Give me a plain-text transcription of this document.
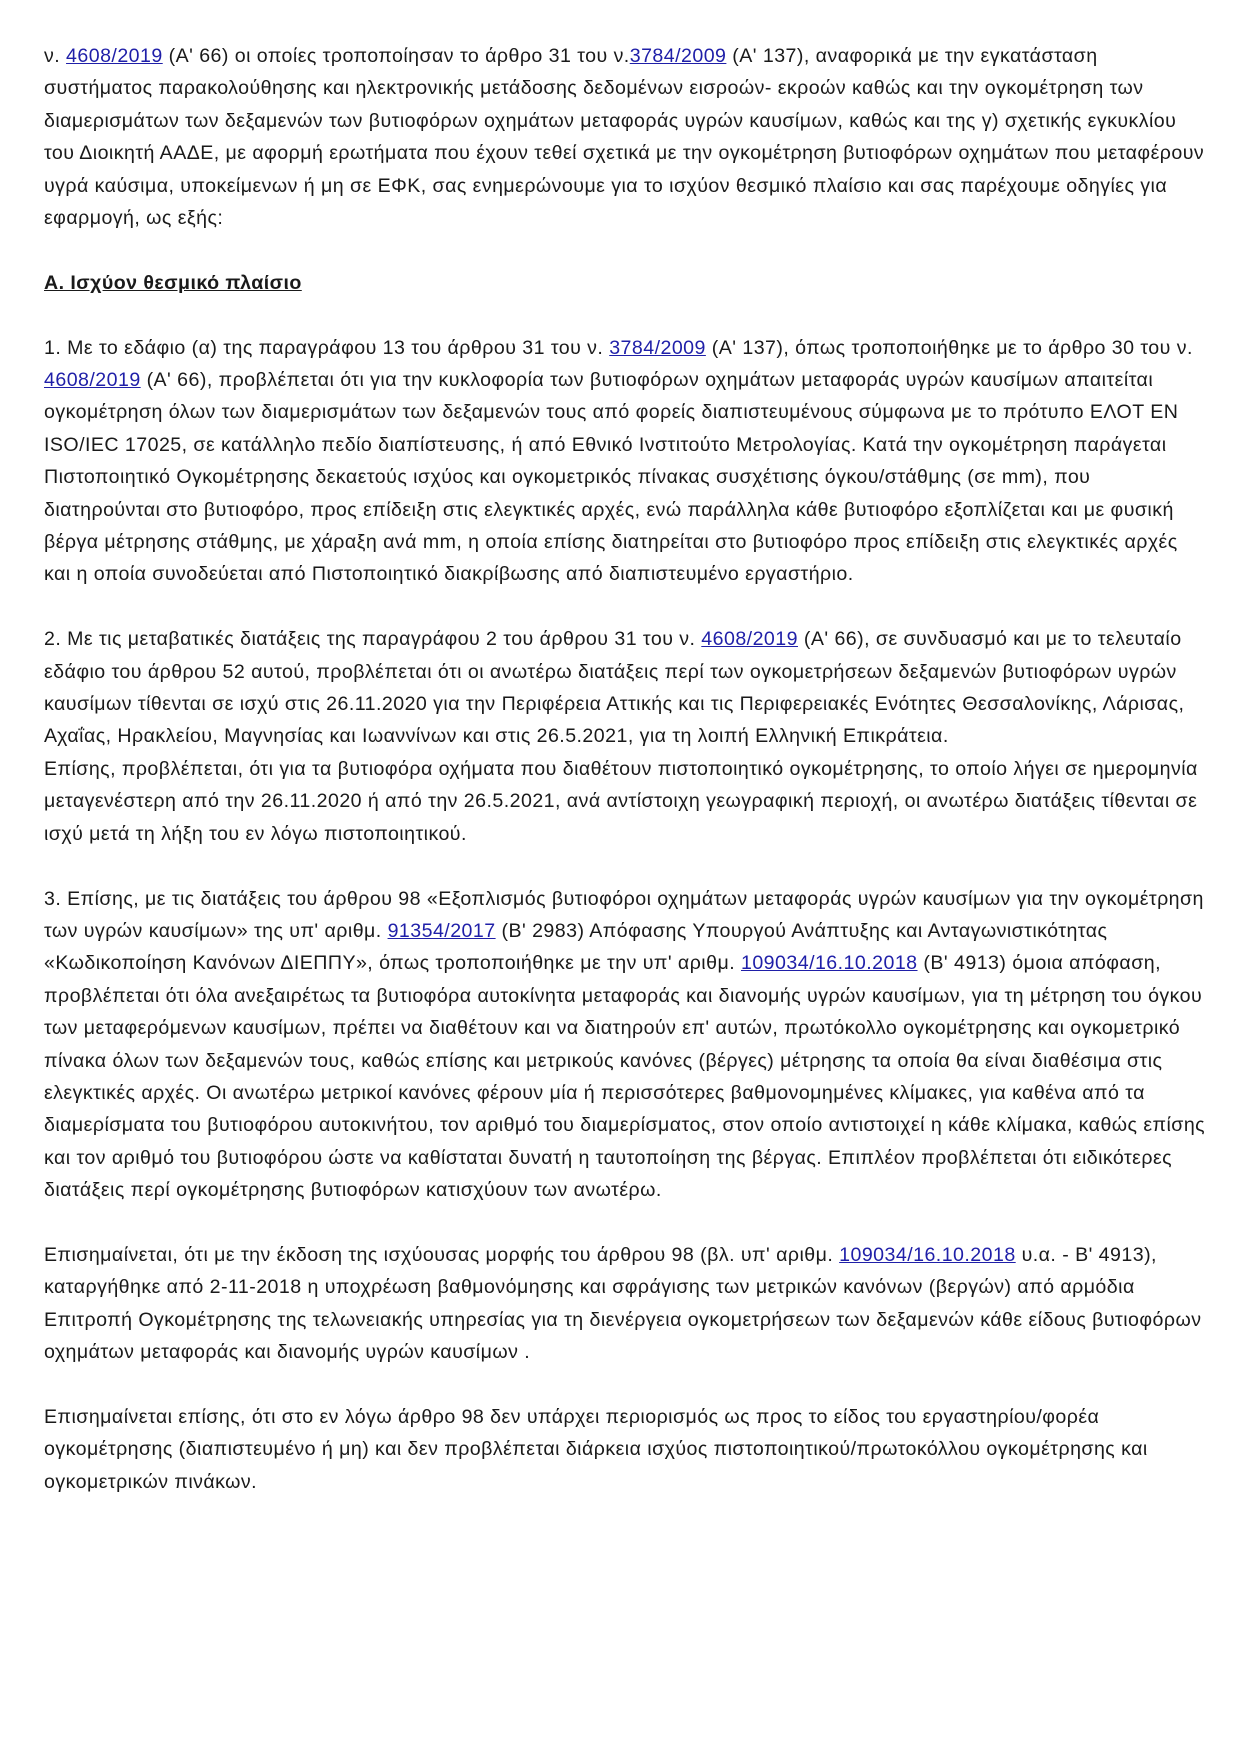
ν. 4608/2019 (Α' 66) οι οποίες τροποποίησαν το άρθρο 31 του ν.3784/2009 (Α' 137), αναφορικά με την εγκατάσταση συστήματος παρακολούθησης και ηλεκτρονικής μετάδοσης δεδομένων εισροών- εκροών καθώς και την ογκομέτρηση των διαμερισμάτων των δεξαμενών των βυτιοφόρων οχημάτων μεταφοράς υγρών καυσίμων, καθώς και της γ) σχετικής εγκυκλίου του Διοικητή ΑΑΔΕ, με αφορμή ερωτήματα που έχουν τεθεί σχετικά με την ογκομέτρηση βυτιοφόρων οχημάτων που μεταφέρουν υγρά καύσιμα, υποκείμενων ή μη σε ΕΦΚ, σας ενημερώνουμε για το ισχύον θεσμικό πλαίσιο και σας παρέχουμε οδηγίες για εφαρμογή, ως εξής:

Α. Ισχύον θεσμικό πλαίσιο

1. Με το εδάφιο (α) της παραγράφου 13 του άρθρου 31 του ν. 3784/2009 (Α' 137), όπως τροποποιήθηκε με το άρθρο 30 του ν. 4608/2019 (Α' 66), προβλέπεται ότι για την κυκλοφορία των βυτιοφόρων οχημάτων μεταφοράς υγρών καυσίμων απαιτείται ογκομέτρηση όλων των διαμερισμάτων των δεξαμενών τους από φορείς διαπιστευμένους σύμφωνα με το πρότυπο ΕΛΟΤ ΕΝ ISO/IEC 17025, σε κατάλληλο πεδίο διαπίστευσης, ή από Εθνικό Ινστιτούτο Μετρολογίας. Κατά την ογκομέτρηση παράγεται Πιστοποιητικό Ογκομέτρησης δεκαετούς ισχύος και ογκομετρικός πίνακας συσχέτισης όγκου/στάθμης (σε mm), που διατηρούνται στο βυτιοφόρο, προς επίδειξη στις ελεγκτικές αρχές, ενώ παράλληλα κάθε βυτιοφόρο εξοπλίζεται και με φυσική βέργα μέτρησης στάθμης, με χάραξη ανά mm, η οποία επίσης διατηρείται στο βυτιοφόρο προς επίδειξη στις ελεγκτικές αρχές και η οποία συνοδεύεται από Πιστοποιητικό διακρίβωσης από διαπιστευμένο εργαστήριο.

2. Με τις μεταβατικές διατάξεις της παραγράφου 2 του άρθρου 31 του ν. 4608/2019 (Α' 66), σε συνδυασμό και με το τελευταίο εδάφιο του άρθρου 52 αυτού, προβλέπεται ότι οι ανωτέρω διατάξεις περί των ογκομετρήσεων δεξαμενών βυτιοφόρων υγρών καυσίμων τίθενται σε ισχύ στις 26.11.2020 για την Περιφέρεια Αττικής και τις Περιφερειακές Ενότητες Θεσσαλονίκης, Λάρισας, Αχαΐας, Ηρακλείου, Μαγνησίας και Ιωαννίνων και στις 26.5.2021, για τη λοιπή Ελληνική Επικράτεια.

Επίσης, προβλέπεται, ότι για τα βυτιοφόρα οχήματα που διαθέτουν πιστοποιητικό ογκομέτρησης, το οποίο λήγει σε ημερομηνία μεταγενέστερη από την 26.11.2020 ή από την 26.5.2021, ανά αντίστοιχη γεωγραφική περιοχή, οι ανωτέρω διατάξεις τίθενται σε ισχύ μετά τη λήξη του εν λόγω πιστοποιητικού.

3. Επίσης, με τις διατάξεις του άρθρου 98 «Εξοπλισμός βυτιοφόροι οχημάτων μεταφοράς υγρών καυσίμων για την ογκομέτρηση των υγρών καυσίμων» της υπ' αριθμ. 91354/2017 (Β' 2983) Απόφασης Υπουργού Ανάπτυξης και Ανταγωνιστικότητας «Κωδικοποίηση Κανόνων ΔΙΕΠΠΥ», όπως τροποποιήθηκε με την υπ' αριθμ. 109034/16.10.2018 (Β' 4913) όμοια απόφαση, προβλέπεται ότι όλα ανεξαιρέτως τα βυτιοφόρα αυτοκίνητα μεταφοράς και διανομής υγρών καυσίμων, για τη μέτρηση του όγκου των μεταφερόμενων καυσίμων, πρέπει να διαθέτουν και να διατηρούν επ' αυτών, πρωτόκολλο ογκομέτρησης και ογκομετρικό πίνακα όλων των δεξαμενών τους, καθώς επίσης και μετρικούς κανόνες (βέργες) μέτρησης τα οποία θα είναι διαθέσιμα στις ελεγκτικές αρχές. Οι ανωτέρω μετρικοί κανόνες φέρουν μία ή περισσότερες βαθμονομημένες κλίμακες, για καθένα από τα διαμερίσματα του βυτιοφόρου αυτοκινήτου, τον αριθμό του διαμερίσματος, στον οποίο αντιστοιχεί η κάθε κλίμακα, καθώς επίσης και τον αριθμό του βυτιοφόρου ώστε να καθίσταται δυνατή η ταυτοποίηση της βέργας. Επιπλέον προβλέπεται ότι ειδικότερες διατάξεις περί ογκομέτρησης βυτιοφόρων κατισχύουν των ανωτέρω.

Επισημαίνεται, ότι με την έκδοση της ισχύουσας μορφής του άρθρου 98 (βλ. υπ' αριθμ. 109034/16.10.2018 υ.α. - Β' 4913), καταργήθηκε από 2-11-2018 η υποχρέωση βαθμονόμησης και σφράγισης των μετρικών κανόνων (βεργών) από αρμόδια Επιτροπή Ογκομέτρησης της τελωνειακής υπηρεσίας για τη διενέργεια ογκομετρήσεων των δεξαμενών κάθε είδους βυτιοφόρων οχημάτων μεταφοράς και διανομής υγρών καυσίμων .

Επισημαίνεται επίσης, ότι στο εν λόγω άρθρο 98 δεν υπάρχει περιορισμός ως προς το είδος του εργαστηρίου/φορέα ογκομέτρησης (διαπιστευμένο ή μη) και δεν προβλέπεται διάρκεια ισχύος πιστοποιητικού/πρωτοκόλλου ογκομέτρησης και ογκομετρικών πινάκων.
